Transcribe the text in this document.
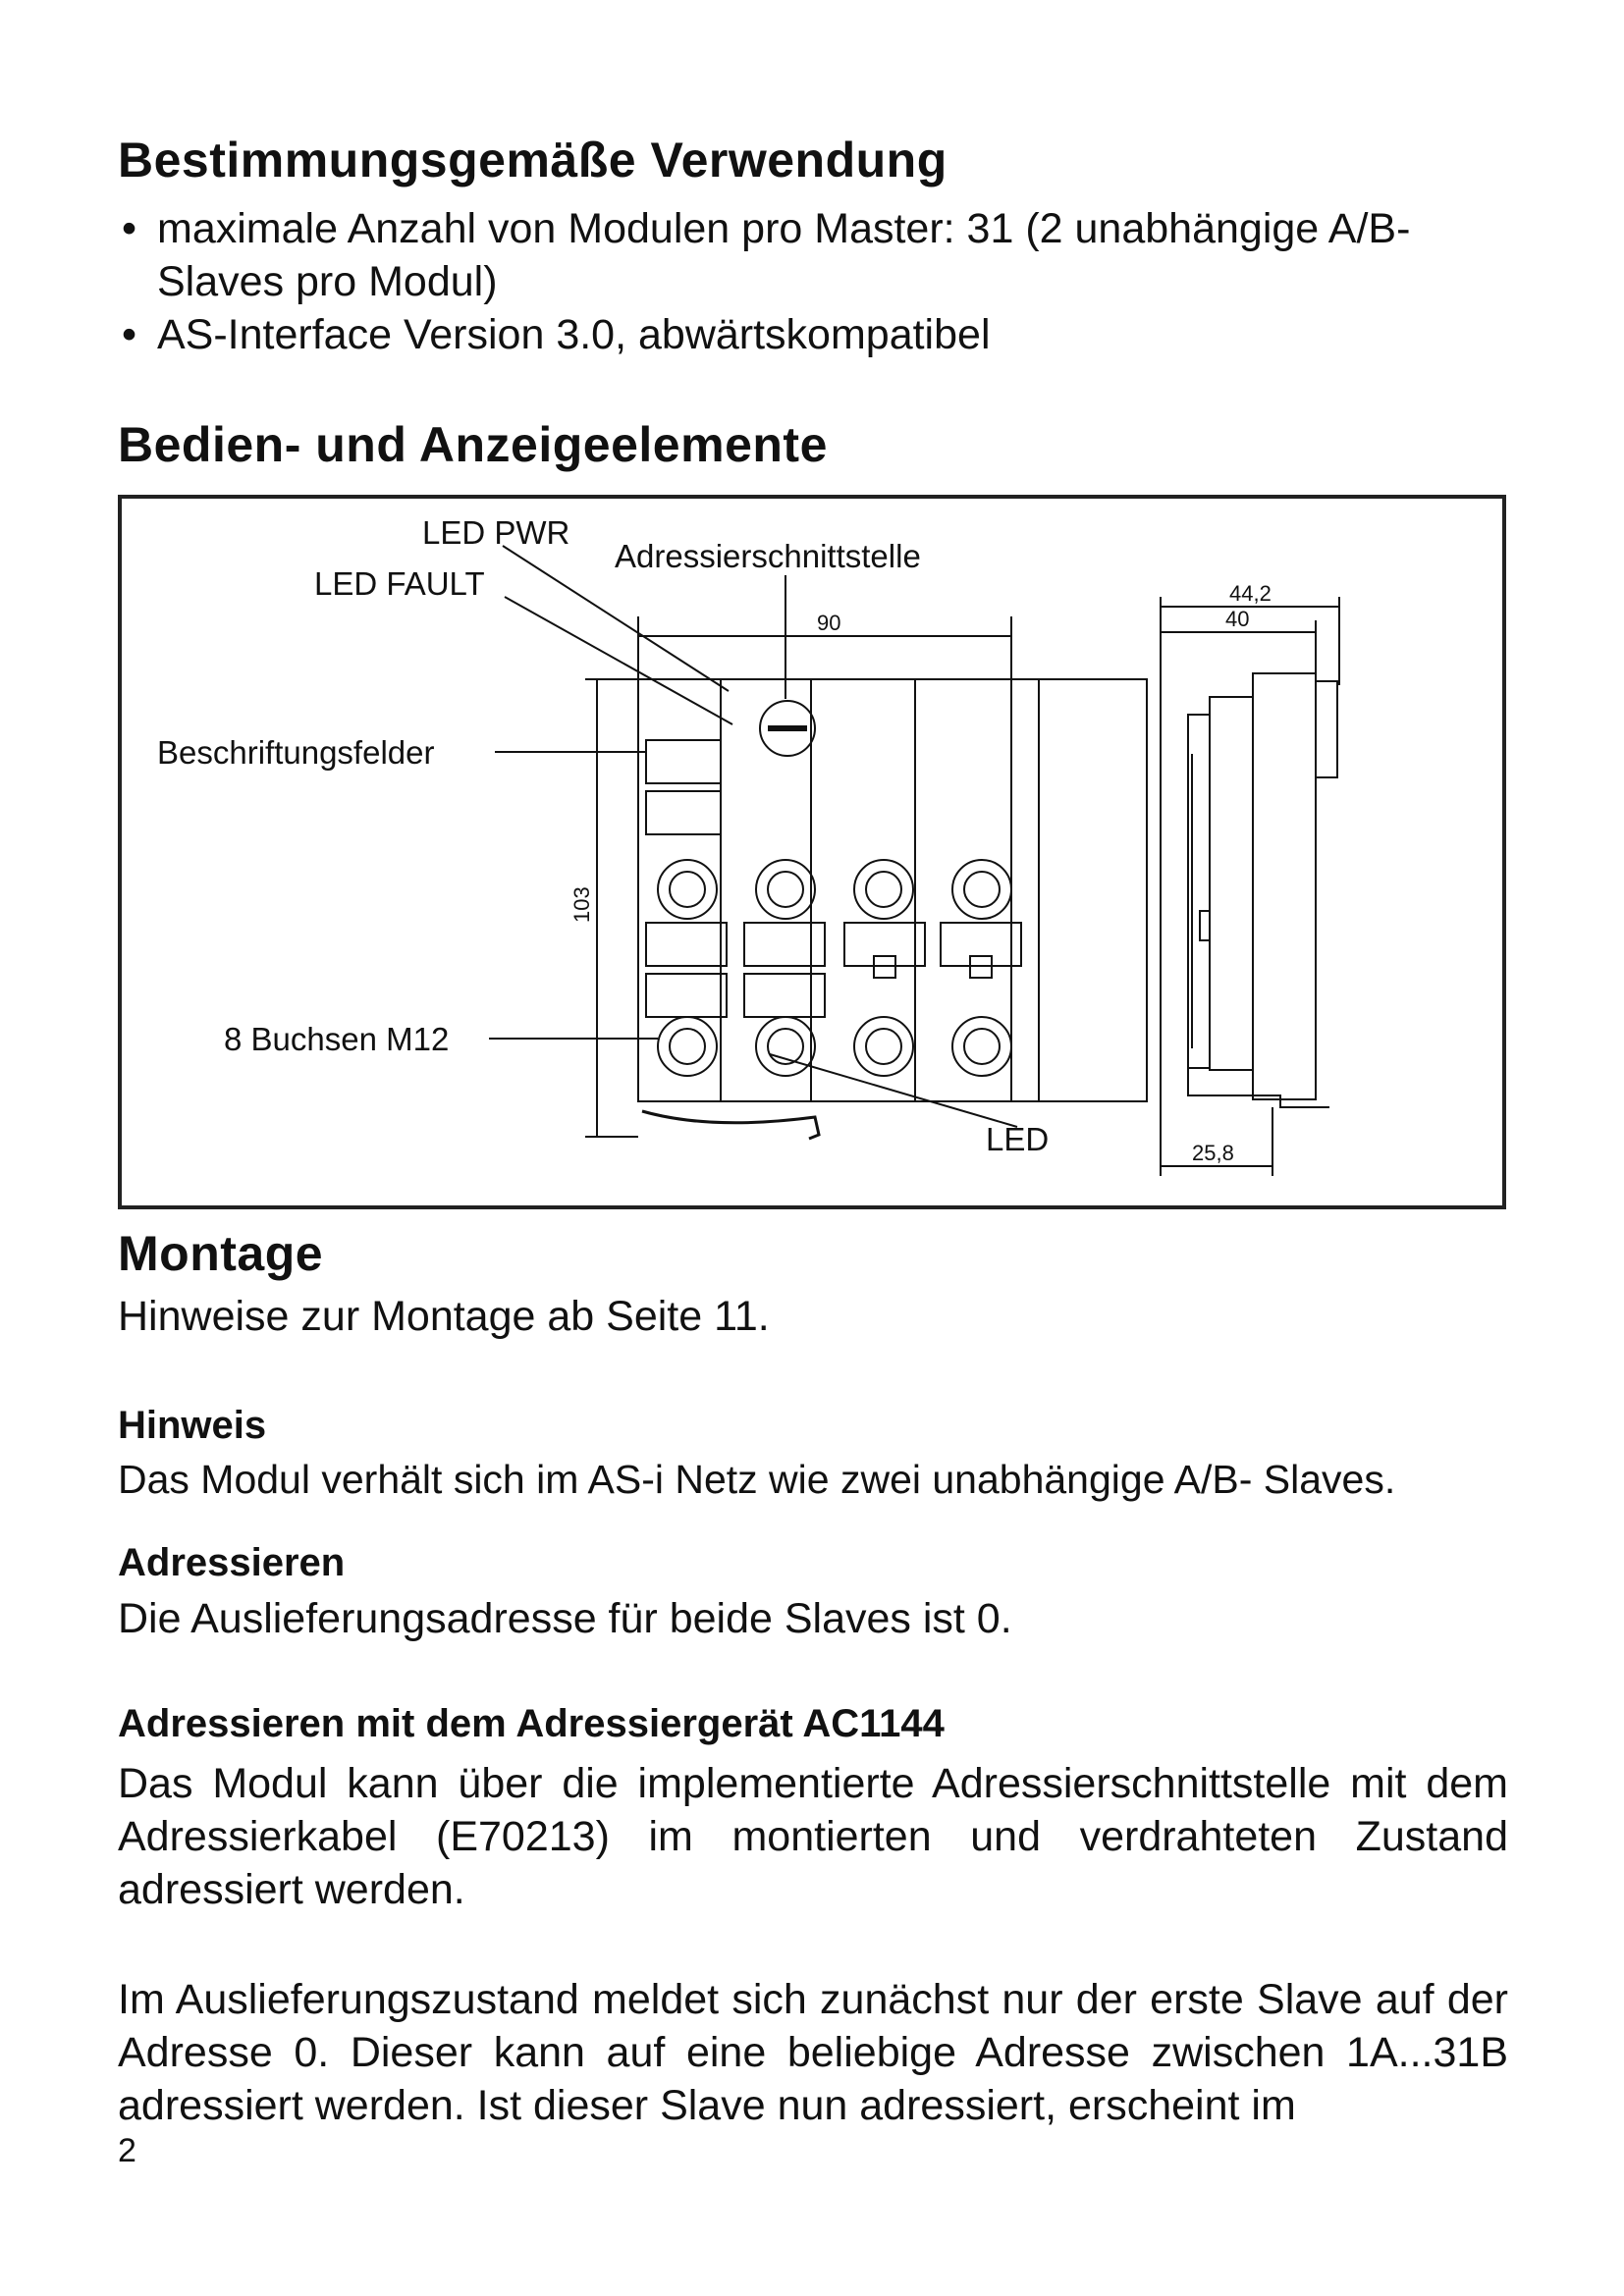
Bestimmungsgemäße Verwendung
• maximale Anzahl von Modulen pro Master: 31 (2 unabhängige A/B-Slaves pro Modul)
• AS-Interface Version 3.0, abwärtskompatibel
Bedien- und Anzeigeelemente
Montage

Hinweise zur Montage ab Seite 11.

Hinweis

Das Modul verhält sich im AS-i Netz wie zwei unabhängige A/B- Slaves.

Adressieren

Die Auslieferungsadresse für beide Slaves ist 0.

Adressieren mit dem Adressiergerät AC1144

Das Modul kann über die implementierte Adressierschnittstelle mit dem Adressierkabel (E70213) im montierten und verdrahteten Zustand adressiert werden.

Im Auslieferungszustand meldet sich zunächst nur der erste Slave auf der Adresse 0. Dieser kann auf eine beliebige Adresse zwischen 1A...31B adressiert werden. Ist dieser Slave nun adressiert, erscheint im

LED PWR
LED FAULT
Adressierschnittstelle
Beschriftungsfelder
8 Buchsen M12
LED
90
103
44,2
40
25,8
2
